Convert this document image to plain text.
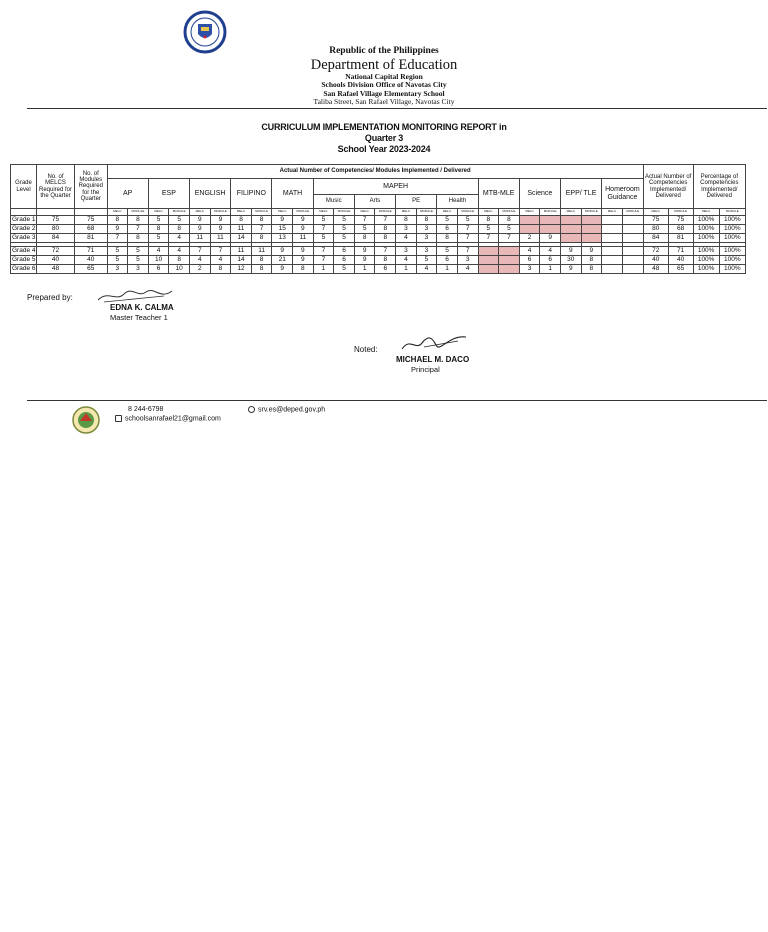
Republic of the Philippines
Department of Education
National Capital Region
Schools Division Office of Navotas City
San Rafael Village Elementary School
Taliba Street, San Rafael Village, Navotas City
CURRICULUM IMPLEMENTATION MONITORING REPORT in
Quarter 3
School Year 2023-2024
Grade Level	No. of MELCS Required for the Quarter	No. of Modules Required for the Quarter	Actual Number of Competencies/ Modules Implemented / Delivered																										Actual Number of Competencies Implemented/ Delivered		Percentage of Competencies Implemented/ Delivered	
			AP		ESP		ENGLISH		FILIPINO		MATH		MAPEH								MTB-MLE		Science		EPP/ TLE		Homeroom Guidance					
													Music		Arts		PE		Health													
			MELC	MODULE	MELC	MODULE	MELC	MODULE	MELC	MODULE	MELC	MODULE	MELC	MODULE	MELC	MODULE	MELC	MODULE	MELC	MODULE	MELC	MODULE	MELC	MODULE	MELC	MODULE	MELC	MODULE	MELC	MODULE	MELC	MODULE
Grade 1	75	75	8	8	5	5	9	9	8	8	9	9	5	5	7	7	8	8	5	5	8	8							75	75	100%	100%
Grade 2	80	68	9	7	8	8	9	9	11	7	15	9	7	5	5	8	3	3	6	7	5	5							80	68	100%	100%
Grade 3	84	81	7	8	5	4	11	11	14	8	13	11	5	5	8	8	4	3	8	7	7	7	2	9					84	81	100%	100%

Grade 4	72	71	5	5	4	4	7	7	11	11	9	9	7	6	9	7	3	3	5	7			4	4	9	9			72	71	100%	100%
Grade 5	40	40	5	5	10	8	4	4	14	8	21	9	7	6	9	8	4	5	6	3			6	6	30	8			40	40	100%	100%
Grade 6	48	65	3	3	6	10	2	8	12	8	9	8	1	5	1	6	1	4	1	4			3	1	9	8			48	65	100%	100%
Prepared by:
EDNA K. CALMA
Master Teacher 1
Noted:
MICHAEL M. DACO
Principal
8 244-6798
schoolsanrafael21@gmail.com
srv.es@deped.gov.ph
